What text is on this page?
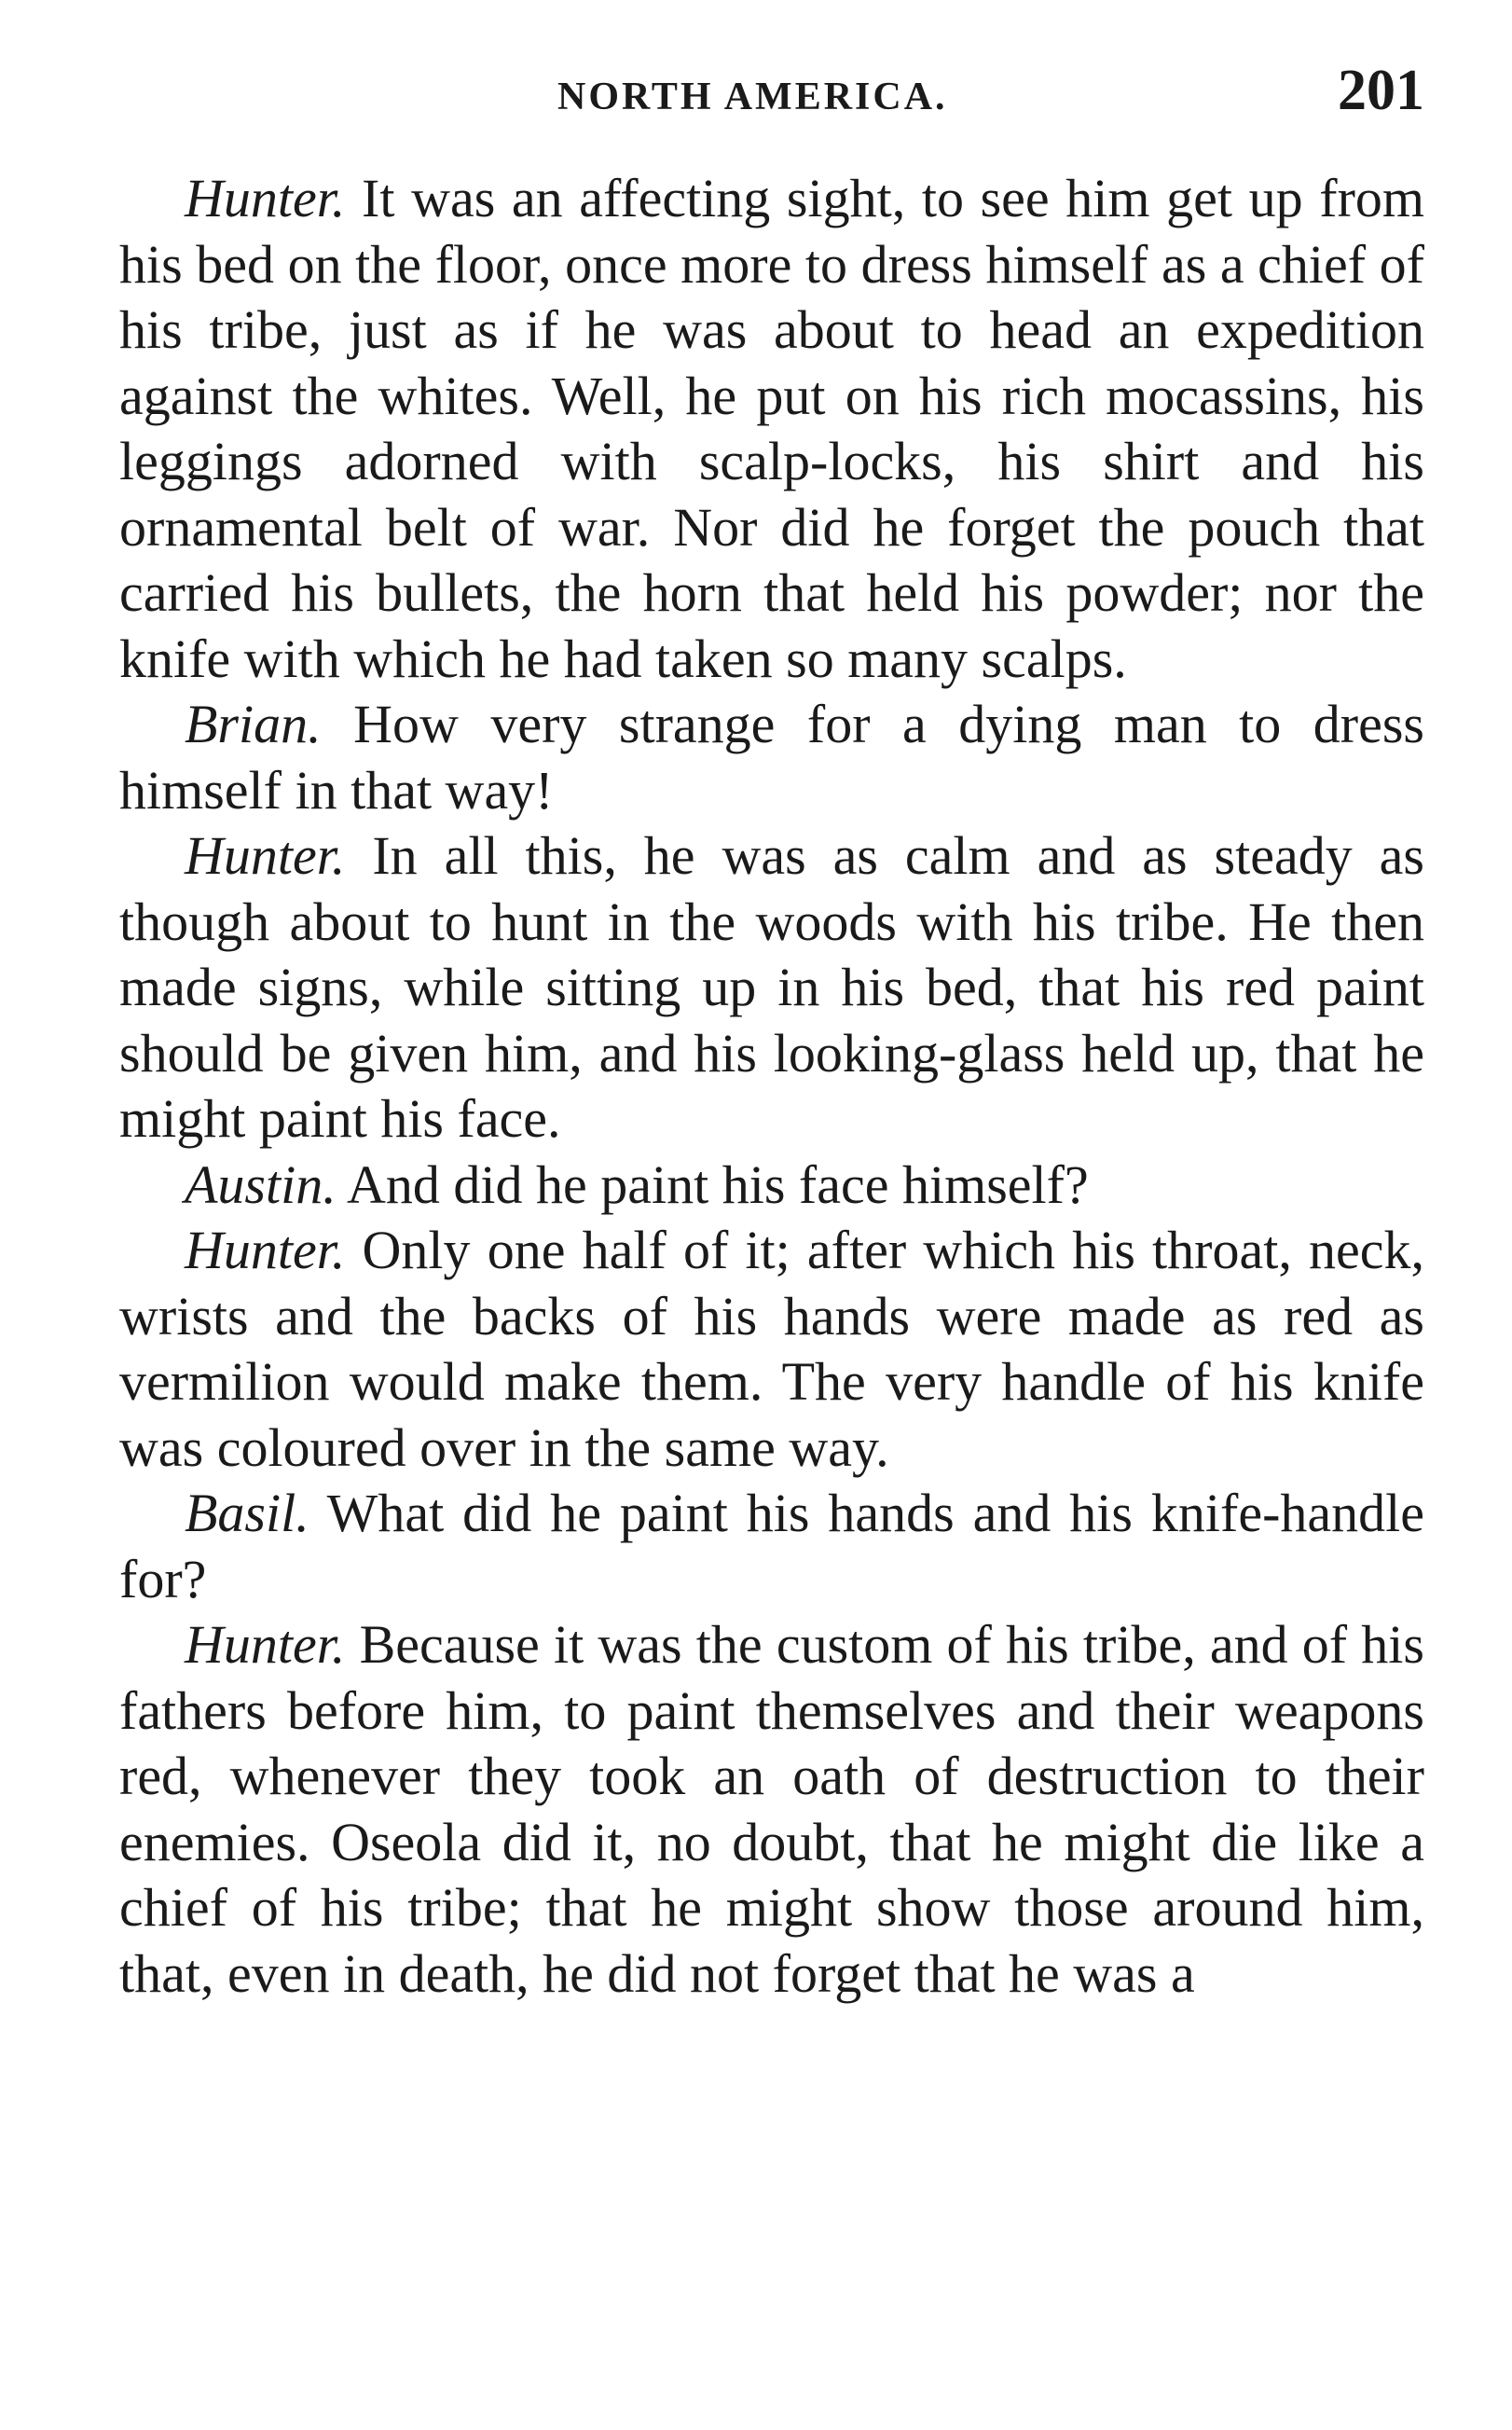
NORTH AMERICA.	201

Hunter. It was an affecting sight, to see him get up from his bed on the floor, once more to dress himself as a chief of his tribe, just as if he was about to head an expedition against the whites. Well, he put on his rich mocassins, his leggings adorned with scalp-locks, his shirt and his ornamental belt of war. Nor did he forget the pouch that carried his bullets, the horn that held his powder; nor the knife with which he had taken so many scalps.

Brian. How very strange for a dying man to dress himself in that way!

Hunter. In all this, he was as calm and as steady as though about to hunt in the woods with his tribe. He then made signs, while sitting up in his bed, that his red paint should be given him, and his looking-glass held up, that he might paint his face.

Austin. And did he paint his face himself?

Hunter. Only one half of it; after which his throat, neck, wrists and the backs of his hands were made as red as vermilion would make them. The very handle of his knife was coloured over in the same way.

Basil. What did he paint his hands and his knife-handle for?

Hunter. Because it was the custom of his tribe, and of his fathers before him, to paint themselves and their weapons red, whenever they took an oath of destruction to their enemies. Oseola did it, no doubt, that he might die like a chief of his tribe; that he might show those around him, that, even in death, he did not forget that he was a
